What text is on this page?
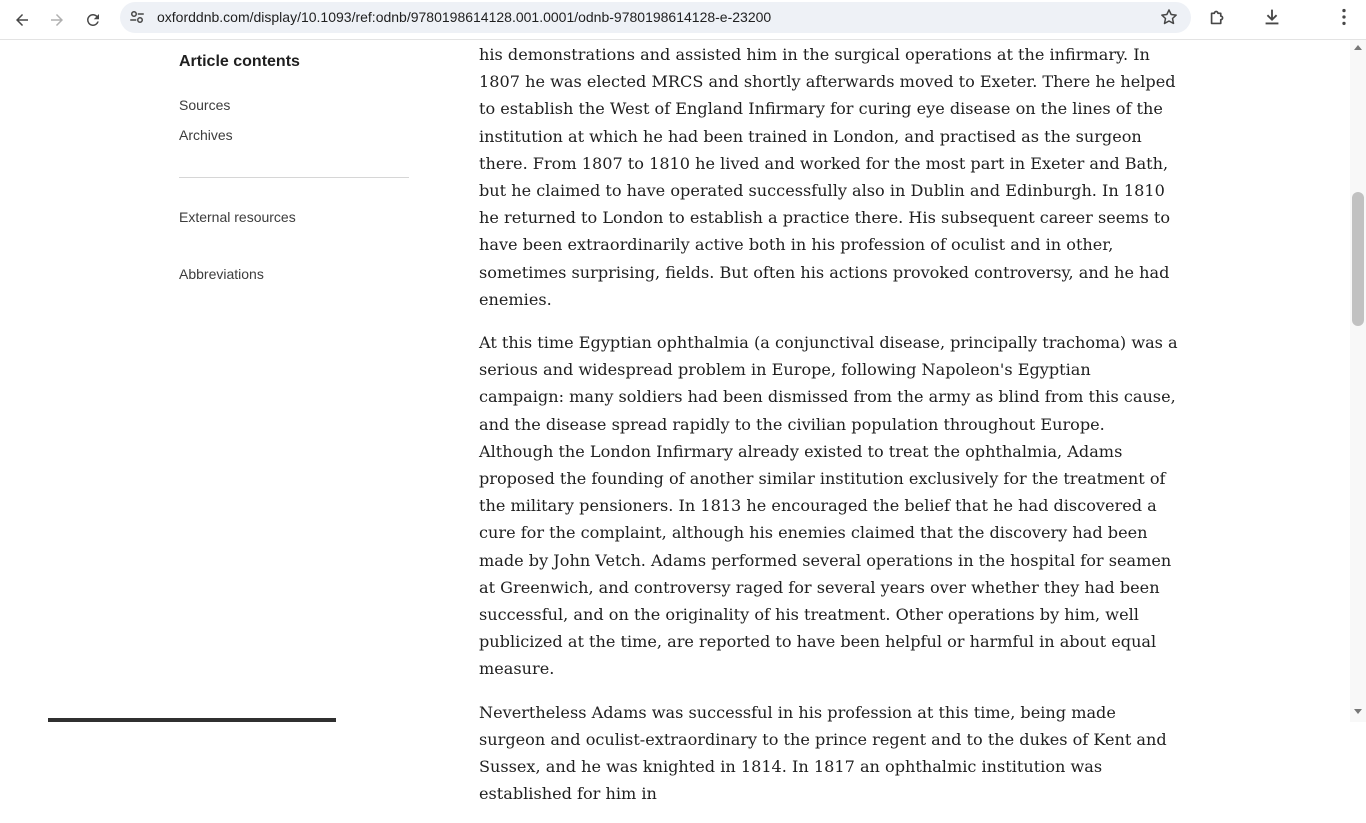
oxforddnb.com/display/10.1093/ref:odnb/9780198614128.001.0001/odnb-9780198614128-e-23200
Article contents
Sources
Archives
External resources
Abbreviations

his demonstrations and assisted him in the surgical operations at the infirmary. In 1807 he was elected MRCS and shortly afterwards moved to Exeter. There he helped to establish the West of England Infirmary for curing eye disease on the lines of the institution at which he had been trained in London, and practised as the surgeon there. From 1807 to 1810 he lived and worked for the most part in Exeter and Bath, but he claimed to have operated successfully also in Dublin and Edinburgh. In 1810 he returned to London to establish a practice there. His subsequent career seems to have been extraordinarily active both in his profession of oculist and in other, sometimes surprising, fields. But often his actions provoked controversy, and he had enemies.

At this time Egyptian ophthalmia (a conjunctival disease, principally trachoma) was a serious and widespread problem in Europe, following Napoleon's Egyptian campaign: many soldiers had been dismissed from the army as blind from this cause, and the disease spread rapidly to the civilian population throughout Europe. Although the London Infirmary already existed to treat the ophthalmia, Adams proposed the founding of another similar institution exclusively for the treatment of the military pensioners. In 1813 he encouraged the belief that he had discovered a cure for the complaint, although his enemies claimed that the discovery had been made by John Vetch. Adams performed several operations in the hospital for seamen at Greenwich, and controversy raged for several years over whether they had been successful, and on the originality of his treatment. Other operations by him, well publicized at the time, are reported to have been helpful or harmful in about equal measure.

Nevertheless Adams was successful in his profession at this time, being made surgeon and oculist-extraordinary to the prince regent and to the dukes of Kent and Sussex, and he was knighted in 1814. In 1817 an ophthalmic institution was established for him in
